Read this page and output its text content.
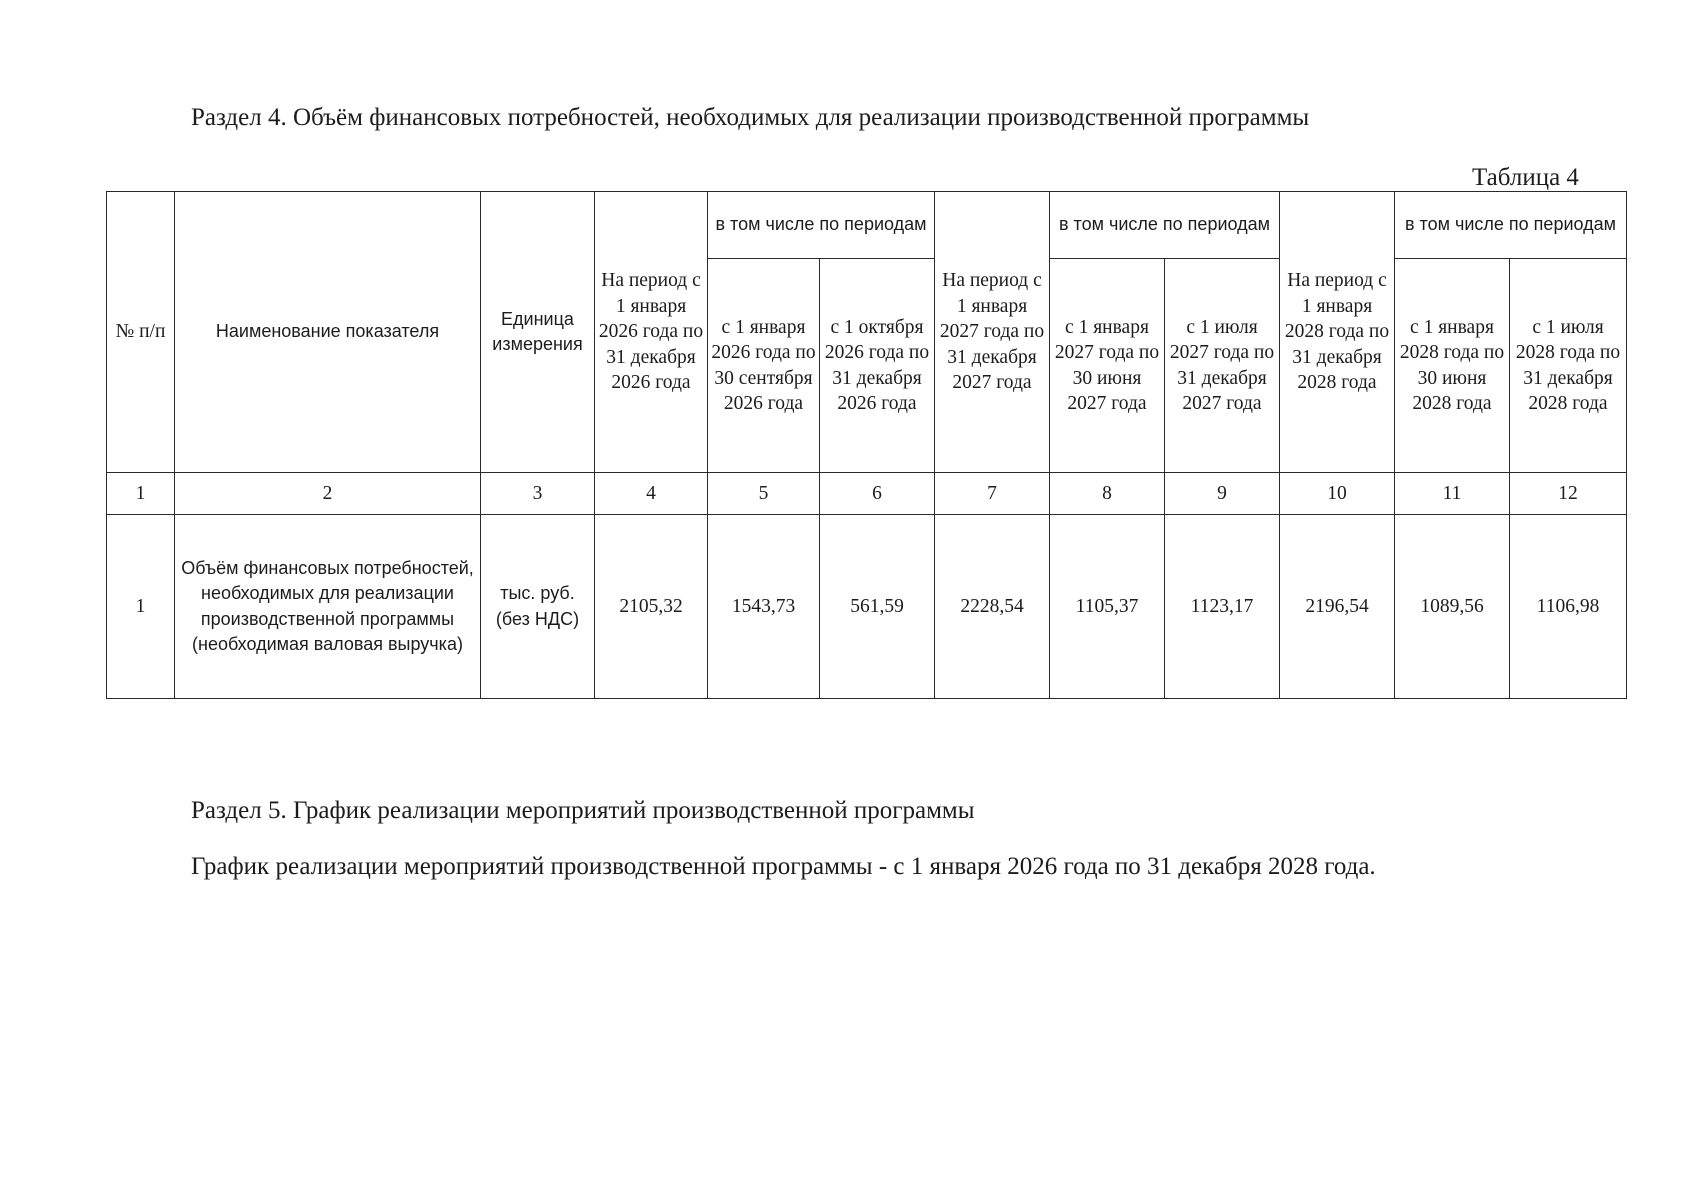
Раздел 4. Объём финансовых потребностей, необходимых для реализации производственной программы
Таблица 4
№ п/п	Наименование показателя	Единица измерения	На период с 1 января 2026 года по 31 декабря 2026 года	в том числе по периодам		На период с 1 января 2027 года по 31 декабря 2027 года	в том числе по периодам		На период с 1 января 2028 года по 31 декабря 2028 года	в том числе по периодам	
				с 1 января 2026 года по 30 сентября 2026 года	с 1 октября 2026 года по 31 декабря 2026 года		с 1 января 2027 года по 30 июня 2027 года	с 1 июля 2027 года по 31 декабря 2027 года		с 1 января 2028 года по 30 июня 2028 года	с 1 июля 2028 года по 31 декабря 2028 года
1	2	3	4	5	6	7	8	9	10	11	12
1	Объём финансовых потребностей, необходимых для реализации производственной программы (необходимая валовая выручка)	тыс. руб. (без НДС)	2105,32	1543,73	561,59	2228,54	1105,37	1123,17	2196,54	1089,56	1106,98
Раздел 5. График реализации мероприятий производственной программы
График реализации мероприятий производственной программы - с 1 января 2026 года по 31 декабря 2028 года.
